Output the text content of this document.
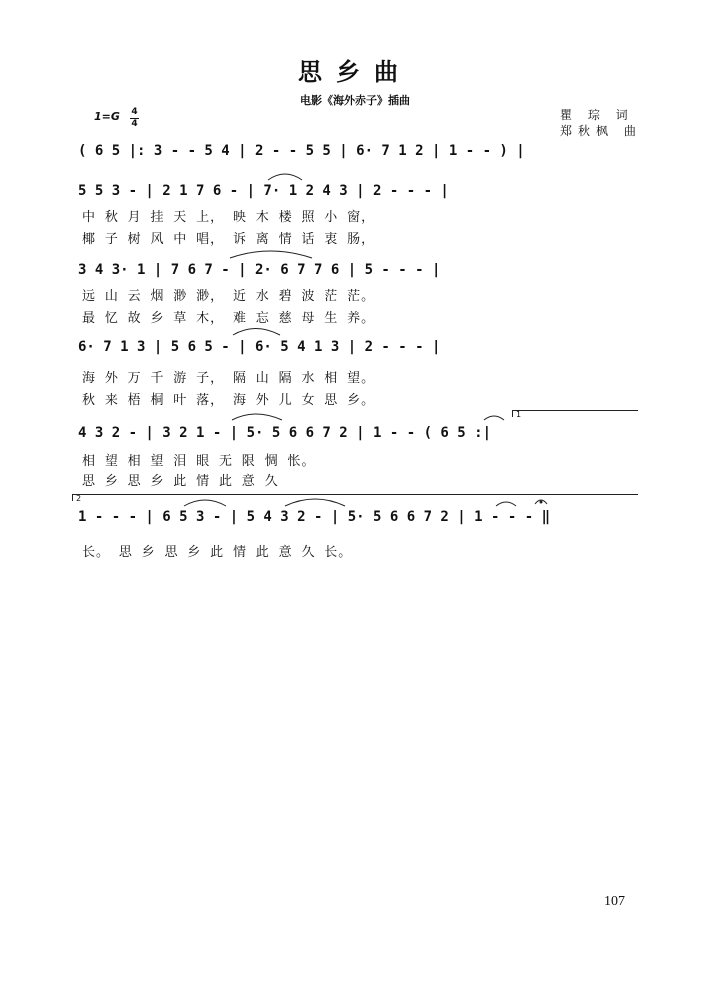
思乡曲
电影《海外赤子》插曲
1=G 4
4
瞿 琮 词
郑秋枫 曲
( 6 5 |: 3 - - 5 4 | 2 - - 5 5 | 6· 7 1 2 | 1 - - ) |
5 5 3 - | 2 1 7 6 - | 7· 1 2 4 3 | 2 - - - |
中 秋 月 挂 天 上， 映 木 楼 照 小 窗，
椰 子 树 风 中 唱， 诉 离 情 话 衷 肠，
3 4 3· 1 | 7 6 7 - | 2· 6 7 7 6 | 5 - - - |
远 山 云 烟 渺 渺， 近 水 碧 波 茫 茫。
最 忆 故 乡 草 木， 难 忘 慈 母 生 养。
6· 7 1 3 | 5 6 5 - | 6· 5 4 1 3 | 2 - - - |
海 外 万 千 游 子， 隔 山 隔 水 相 望。
秋 来 梧 桐 叶 落， 海 外 儿 女 思 乡。
1
4 3 2 - | 3 2 1 - | 5· 5 6 6 7 2 | 1 - - ( 6 5 :|
相 望 相 望 泪 眼 无 限 惆 怅。
思 乡 思 乡 此 情 此 意 久
2
1 - - - | 6 5 3 - | 5 4 3 2 - | 5· 5 6 6 7 2 | 1 - - - ‖
长。 思 乡 思 乡 此 情 此 意 久 长。
107
